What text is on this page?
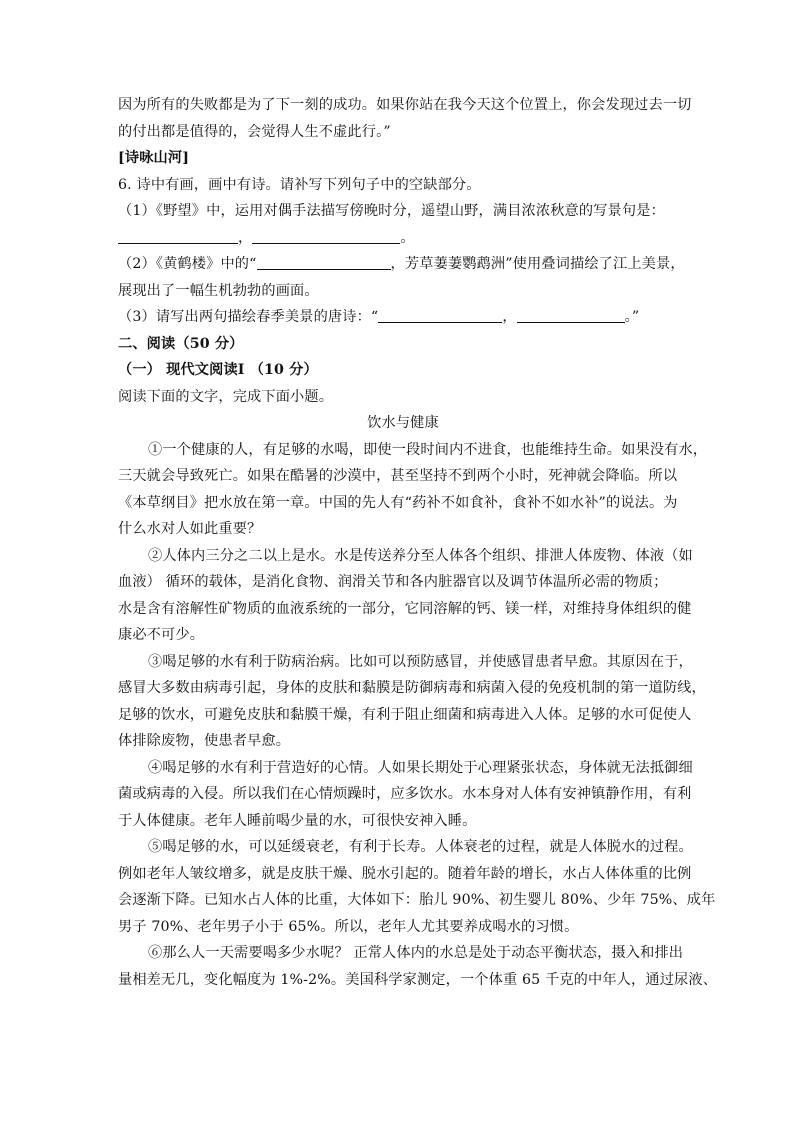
因为所有的失败都是为了下一刻的成功。如果你站在我今天这个位置上，你会发现过去一切
的付出都是值得的，会觉得人生不虚此行。”
[诗咏山河]
6. 诗中有画，画中有诗。请补写下列句子中的空缺部分。
（1）《野望》中，运用对偶手法描写傍晚时分，遥望山野，满目浓浓秋意的写景句是：
，	。
（2）《黄鹤楼》中的“	，芳草萋萋鹦鹉洲”使用叠词描绘了江上美景，
展现出了一幅生机勃勃的画面。
（3）请写出两句描绘春季美景的唐诗：“	，	。”
二、阅读（50 分）
（一） 现代文阅读Ⅰ （10 分）
阅读下面的文字，完成下面小题。
饮水与健康
①一个健康的人，有足够的水喝，即使一段时间内不进食，也能维持生命。如果没有水，
三天就会导致死亡。如果在酷暑的沙漠中，甚至坚持不到两个小时，死神就会降临。所以
《本草纲目》把水放在第一章。中国的先人有“药补不如食补，食补不如水补”的说法。为
什么水对人如此重要？
②人体内三分之二以上是水。水是传送养分至人体各个组织、排泄人体废物、体液（如
血液） 循环的载体，是消化食物、润滑关节和各内脏器官以及调节体温所必需的物质；
水是含有溶解性矿物质的血液系统的一部分，它同溶解的钙、镁一样，对维持身体组织的健
康必不可少。
③喝足够的水有利于防病治病。比如可以预防感冒，并使感冒患者早愈。其原因在于，
感冒大多数由病毒引起，身体的皮肤和黏膜是防御病毒和病菌入侵的免疫机制的第一道防线，
足够的饮水，可避免皮肤和黏膜干燥，有利于阻止细菌和病毒进入人体。足够的水可促使人
体排除废物，使患者早愈。
④喝足够的水有利于营造好的心情。人如果长期处于心理紧张状态，身体就无法抵御细
菌或病毒的入侵。所以我们在心情烦躁时，应多饮水。水本身对人体有安神镇静作用，有利
于人体健康。老年人睡前喝少量的水，可很快安神入睡。
⑤喝足够的水，可以延缓衰老，有利于长寿。人体衰老的过程，就是人体脱水的过程。
例如老年人皱纹增多，就是皮肤干燥、脱水引起的。随着年龄的增长，水占人体体重的比例
会逐渐下降。已知水占人体的比重，大体如下：胎儿 90%、初生婴儿 80%、少年 75%、成年
男子 70%、老年男子小于 65%。所以，老年人尤其要养成喝水的习惯。
⑥那么人一天需要喝多少水呢？ 正常人体内的水总是处于动态平衡状态，摄入和排出
量相差无几，变化幅度为 1%-2%。美国科学家测定，一个体重 65 千克的中年人，通过尿液、
